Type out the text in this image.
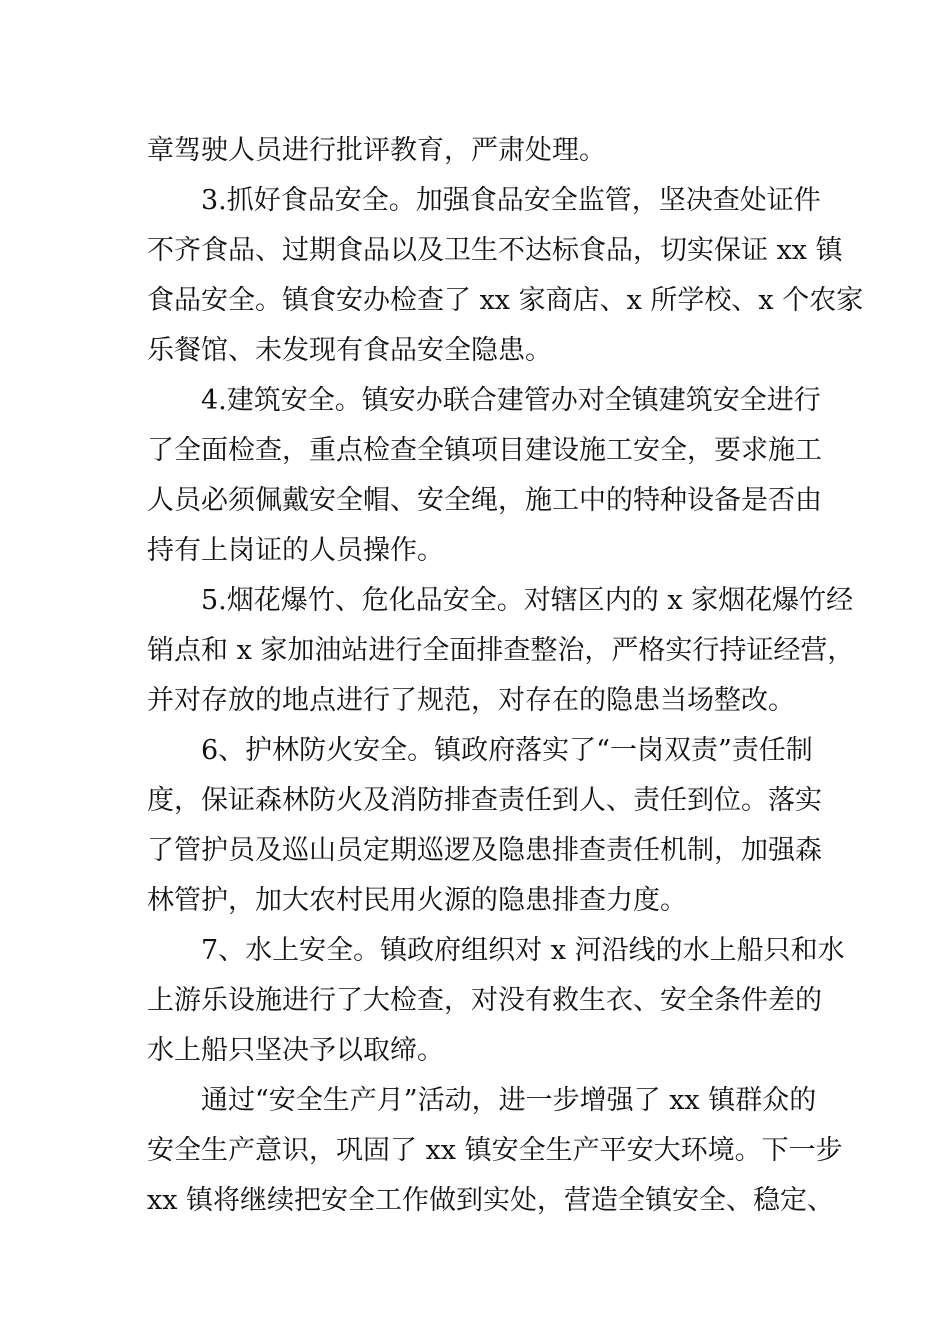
章驾驶人员进行批评教育，严肃处理。
3.抓好食品安全。加强食品安全监管，坚决查处证件
不齐食品、过期食品以及卫生不达标食品，切实保证 xx 镇
食品安全。镇食安办检查了 xx 家商店、x 所学校、x 个农家
乐餐馆、未发现有食品安全隐患。
4.建筑安全。镇安办联合建管办对全镇建筑安全进行
了全面检查，重点检查全镇项目建设施工安全，要求施工
人员必须佩戴安全帽、安全绳，施工中的特种设备是否由
持有上岗证的人员操作。
5.烟花爆竹、危化品安全。对辖区内的 x 家烟花爆竹经
销点和 x 家加油站进行全面排查整治，严格实行持证经营，
并对存放的地点进行了规范，对存在的隐患当场整改。
6、护林防火安全。镇政府落实了“一岗双责”责任制
度，保证森林防火及消防排查责任到人、责任到位。落实
了管护员及巡山员定期巡逻及隐患排查责任机制，加强森
林管护，加大农村民用火源的隐患排查力度。
7、水上安全。镇政府组织对 x 河沿线的水上船只和水
上游乐设施进行了大检查，对没有救生衣、安全条件差的
水上船只坚决予以取缔。
通过“安全生产月”活动，进一步增强了 xx 镇群众的
安全生产意识，巩固了 xx 镇安全生产平安大环境。下一步
xx 镇将继续把安全工作做到实处，营造全镇安全、稳定、
